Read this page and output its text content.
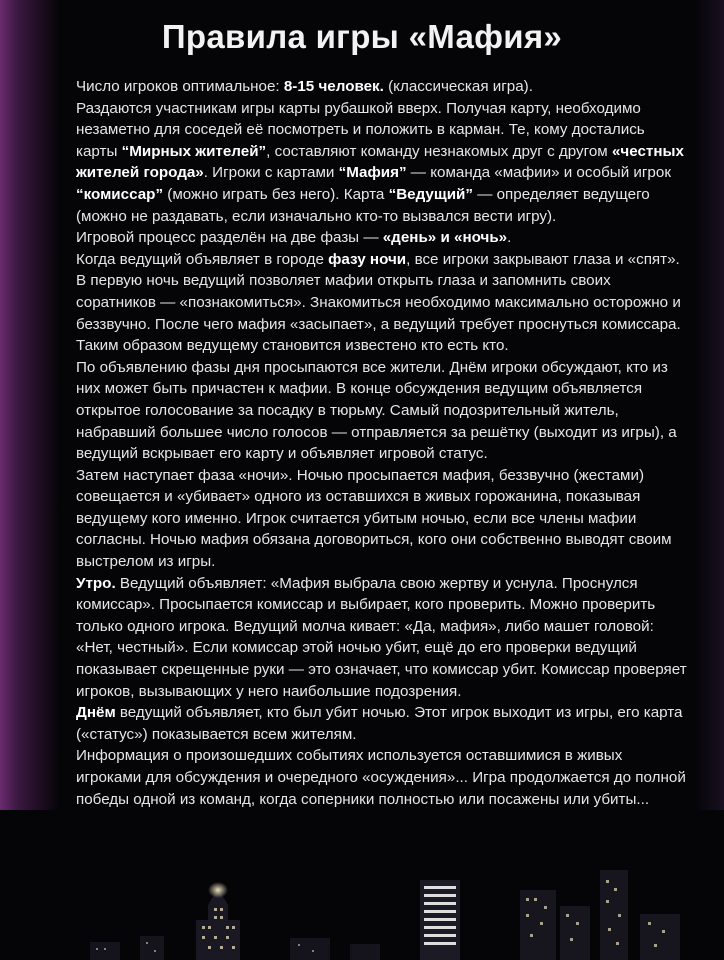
Правила игры «Мафия»

Число игроков оптимальное: 8-15 человек. (классическая игра).

Раздаются участникам игры карты рубашкой вверх. Получая карту, необходимо незаметно для соседей её посмотреть и положить в карман. Те, кому достались карты “Мирных жителей”, составляют команду незнакомых друг с другом «честных жителей города». Игроки с картами “Мафия” — команда «мафии» и особый игрок “комиссар” (можно играть без него). Карта “Ведущий” — определяет ведущего (можно не раздавать, если изначально кто-то вызвался вести игру).

Игровой процесс разделён на две фазы — «день» и «ночь».

Когда ведущий объявляет в городе фазу ночи, все игроки закрывают глаза и «спят». В первую ночь ведущий позволяет мафии открыть глаза и запомнить своих соратников — «познакомиться». Знакомиться необходимо максимально осторожно и беззвучно. После чего мафия «засыпает», а ведущий требует проснуться комиссара. Таким образом ведущему становится известено кто есть кто.

По объявлению фазы дня просыпаются все жители. Днём игроки обсуждают, кто из них может быть причастен к мафии. В конце обсуждения ведущим объявляется открытое голосование за посадку в тюрьму. Самый подозрительный житель, набравший большее число голосов — отправляется за решётку (выходит из игры), а ведущий вскрывает его карту и объявляет игровой статус.

Затем наступает фаза «ночи». Ночью просыпается мафия, беззвучно (жестами) совещается и «убивает» одного из оставшихся в живых горожанина, показывая ведущему кого именно. Игрок считается убитым ночью, если все члены мафии согласны. Ночью мафия обязана договориться, кого они собственно выводят своим выстрелом из игры.

Утро. Ведущий объявляет: «Мафия выбрала свою жертву и уснула. Проснулся комиссар». Просыпается комиссар и выбирает, кого проверить. Можно проверить только одного игрока. Ведущий молча кивает: «Да, мафия», либо машет головой: «Нет, честный». Если комиссар этой ночью убит, ещё до его проверки ведущий показывает скрещенные руки — это означает, что комиссар убит. Комиссар проверяет игроков, вызывающих у него наибольшие подозрения.

Днём ведущий объявляет, кто был убит ночью. Этот игрок выходит из игры, его карта («статус») показывается всем жителям.

Информация о произошедших событиях используется оставшимися в живых игроками для обсуждения и очередного «осуждения»... Игра продолжается до полной победы одной из команд, когда соперники полностью или посажены или убиты...
